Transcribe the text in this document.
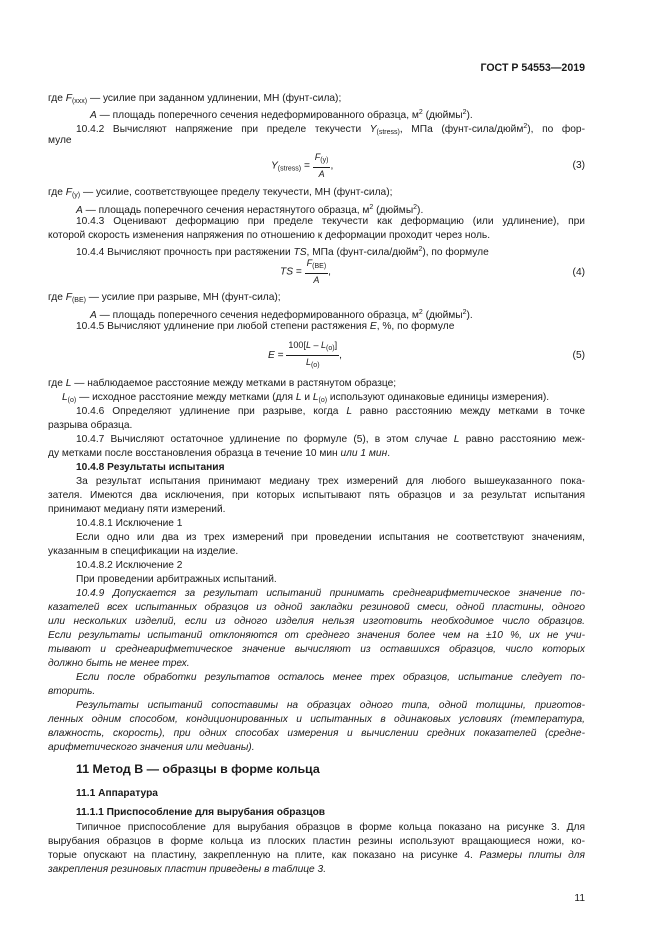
ГОСТ Р 54553—2019
где $F_{(xxx)}$ — усилие при заданном удлинении, МН (фунт-сила);
A — площадь поперечного сечения недеформированного образца, $м^2$ (дюймы$^2$).
10.4.2 Вычисляют напряжение при пределе текучести $Y_{(stress)}$, МПа (фунт-сила/дюйм$^2$), по фор-
муле
$Y_{(stress)} = \frac{F_{(y)}}{A}$ ,	(3)
где $F_{(y)}$ — усилие, соответствующее пределу текучести, МН (фунт-сила);
A — площадь поперечного сечения нерастянутого образца, $м^2$ (дюймы$^2$).
10.4.3 Оценивают деформацию при пределе текучести как деформацию (или удлинение), при
которой скорость изменения напряжения по отношению к деформации проходит через ноль.
10.4.4 Вычисляют прочность при растяжении TS, МПа (фунт-сила/дюйм$^2$), по формуле
TS = $\frac{F_{(BE)}}{A}$ ,	(4)
где $F_{(BE)}$ — усилие при разрыве, МН (фунт-сила);
A — площадь поперечного сечения недеформированного образца, $м^2$ (дюймы$^2$).
10.4.5 Вычисляют удлинение при любой степени растяжения E, %, по формуле
$E = \frac{100[L - L_{(o)}]}{L_{(o)}}$ ,	(5)
где L — наблюдаемое расстояние между метками в растянутом образце;
$L_{(o)}$ — исходное расстояние между метками (для L и $L_{(o)}$ используют одинаковые единицы измерения).
10.4.6 Определяют удлинение при разрыве, когда L равно расстоянию между метками в точке
разрыва образца.
10.4.7 Вычисляют остаточное удлинение по формуле (5), в этом случае L равно расстоянию меж-
ду метками после восстановления образца в течение 10 мин или 1 мин.
10.4.8 Результаты испытания
За результат испытания принимают медиану трех измерений для любого вышеуказанного пока-
зателя. Имеются два исключения, при которых испытывают пять образцов и за результат испытания
принимают медиану пяти измерений.
10.4.8.1 Исключение 1
Если одно или два из трех измерений при проведении испытания не соответствуют значениям,
указанным в спецификации на изделие.
10.4.8.2 Исключение 2
При проведении арбитражных испытаний.
10.4.9 Допускается за результат испытаний принимать среднеарифметическое значение по-
казателей всех испытанных образцов из одной закладки резиновой смеси, одной пластины, одного
или нескольких изделий, если из одного изделия нельзя изготовить необходимое число образцов.
Если результаты испытаний отклоняются от среднего значения более чем на ±10 %, их не учи-
тывают и среднеарифметическое значение вычисляют из оставшихся образцов, число которых
должно быть не менее трех.
Если после обработки результатов осталось менее трех образцов, испытание следует по-
вторить.
Результаты испытаний сопоставимы на образцах одного типа, одной толщины, приготов-
ленных одним способом, кондиционированных и испытанных в одинаковых условиях (температура,
влажность, скорость), при одних способах измерения и вычислении средних показателей (средне-
арифметического значения или медианы).
11 Метод В — образцы в форме кольца
11.1 Аппаратура
11.1.1 Приспособление для вырубания образцов
Типичное приспособление для вырубания образцов в форме кольца показано на рисунке 3. Для
вырубания образцов в форме кольца из плоских пластин резины используют вращающиеся ножи, ко-
торые опускают на пластину, закрепленную на плите, как показано на рисунке 4. Размеры плиты для
закрепления резиновых пластин приведены в таблице 3.
11
